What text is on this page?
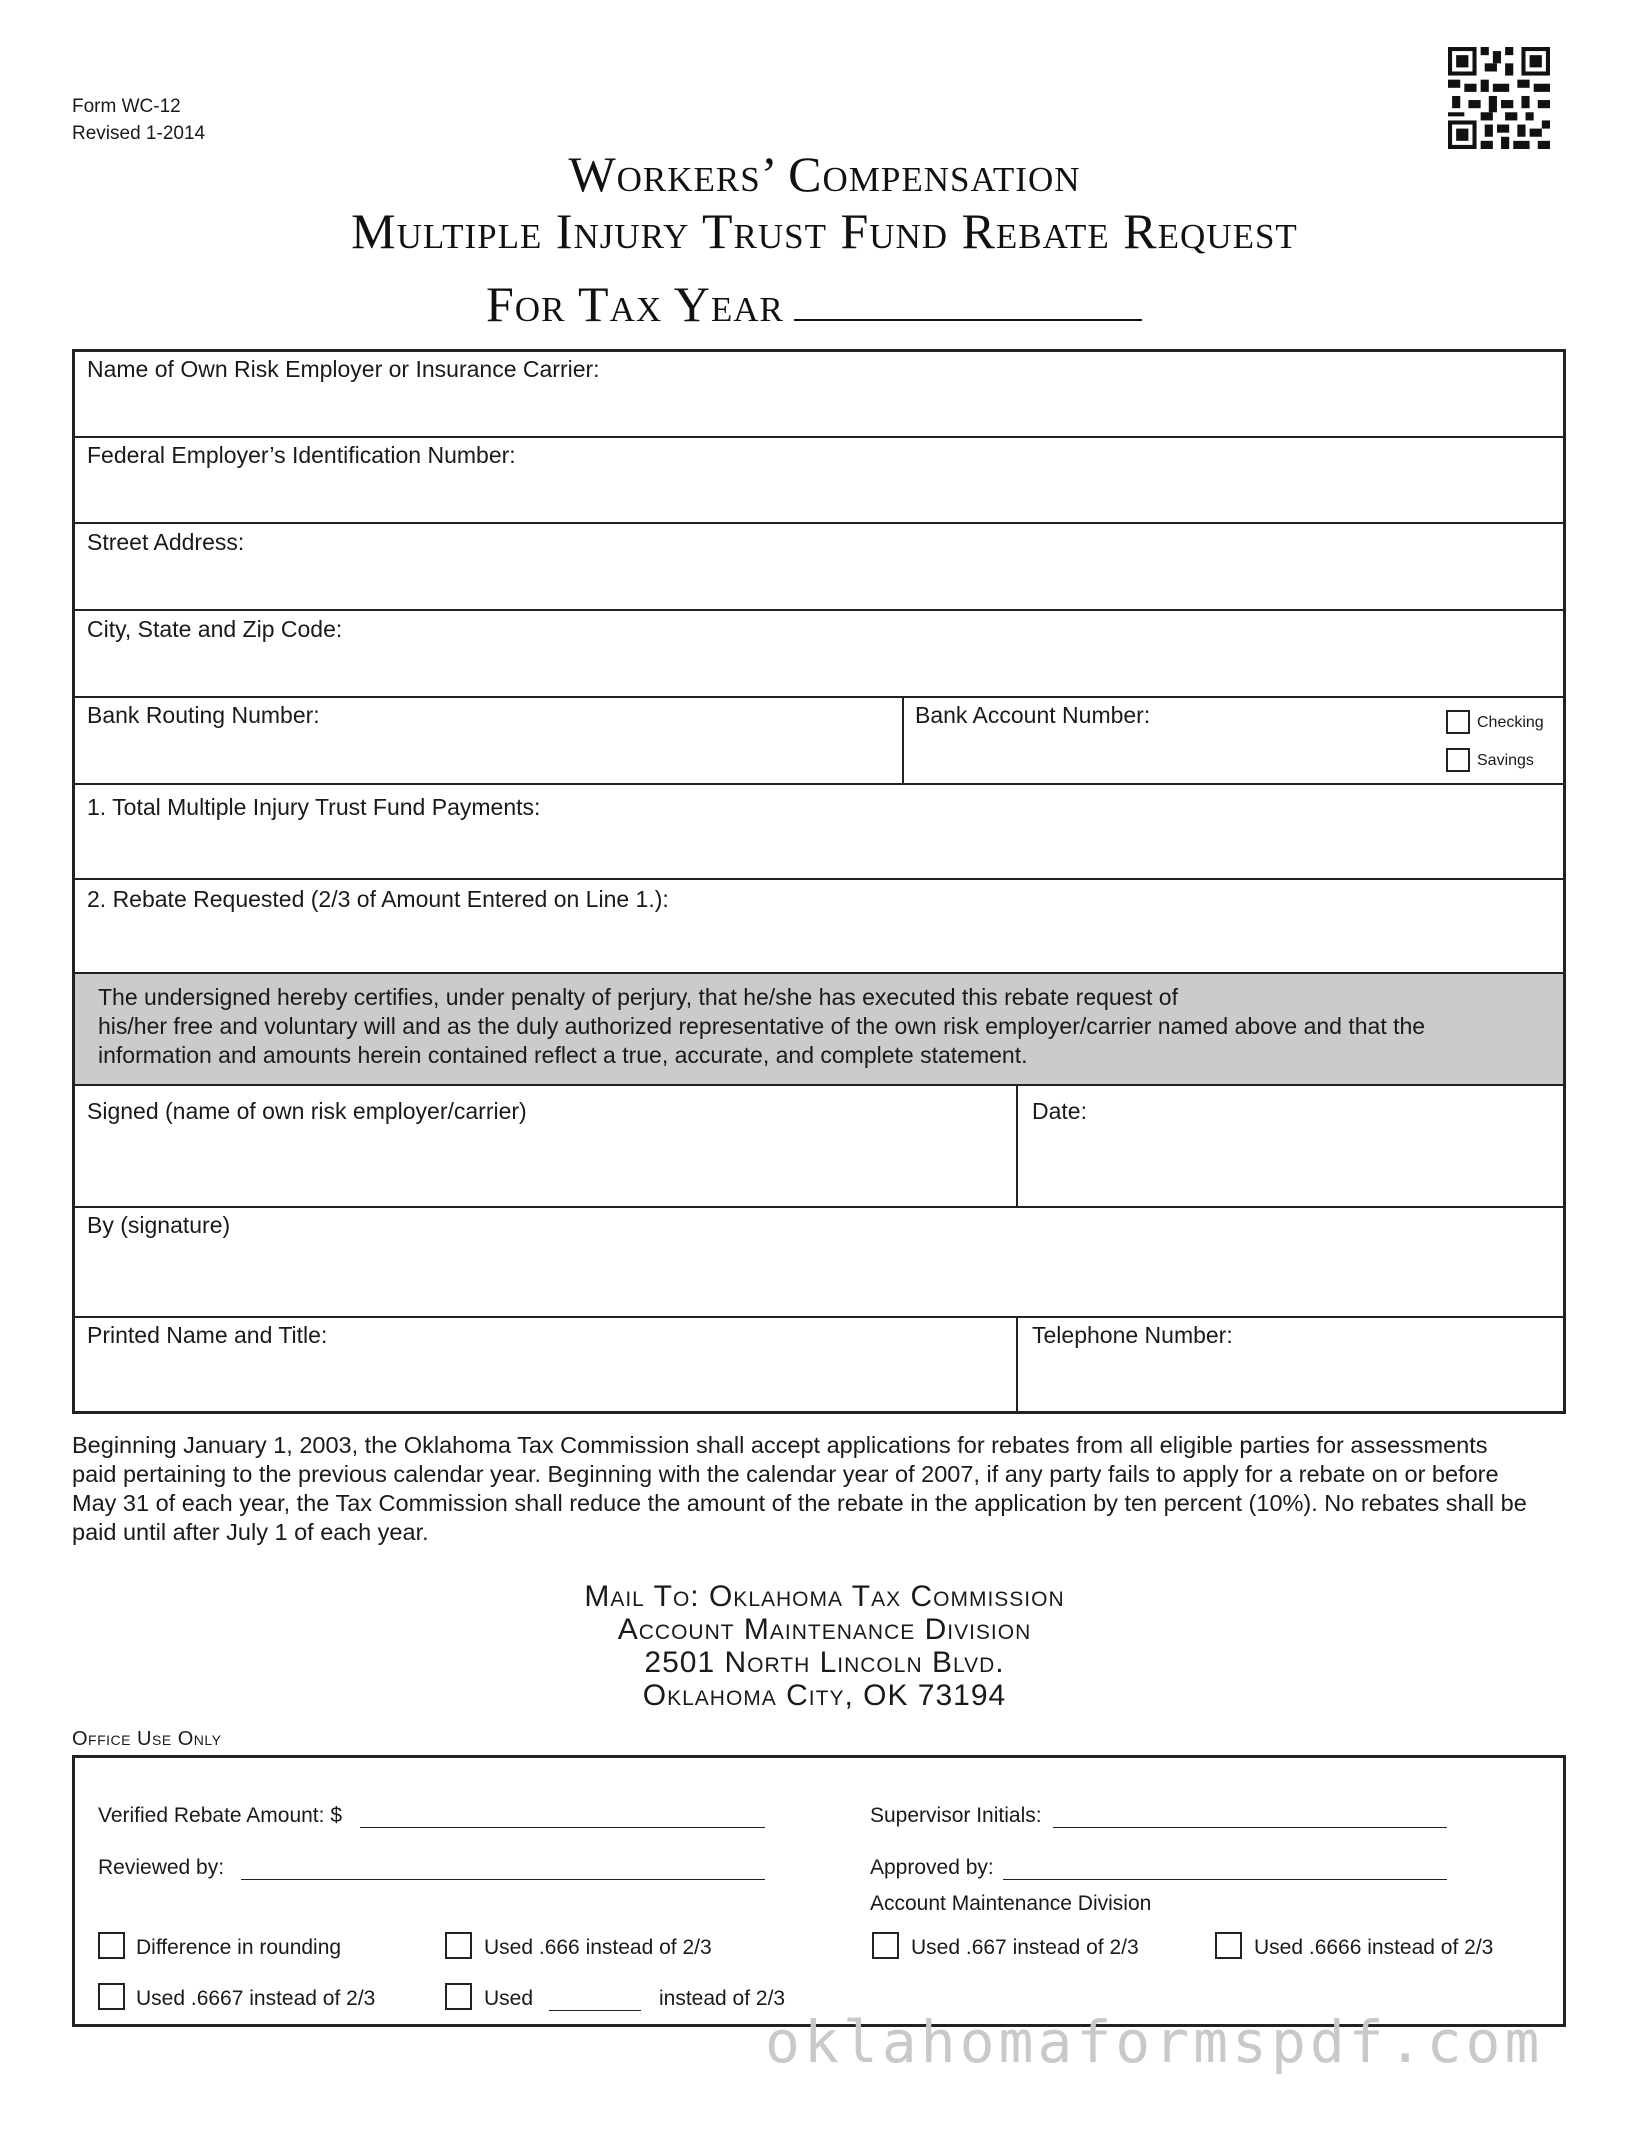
Form WC-12
Revised 1-2014
Workers’ Compensation
Multiple Injury Trust Fund Rebate Request
For Tax Year
Name of Own Risk Employer or Insurance Carrier:
Federal Employer’s Identification Number:
Street Address:
City, State and Zip Code:
Bank Routing Number:	Bank Account Number:	Checking
Savings
1. Total Multiple Injury Trust Fund Payments:
2. Rebate Requested (2/3 of Amount Entered on Line 1.):
The undersigned hereby certifies, under penalty of perjury, that he/she has executed this rebate request of
his/her free and voluntary will and as the duly authorized representative of the own risk employer/carrier named above and that the
information and amounts herein contained reflect a true, accurate, and complete statement.
Signed (name of own risk employer/carrier)	Date:
By (signature)
Printed Name and Title:	Telephone Number:
Beginning January 1, 2003, the Oklahoma Tax Commission shall accept applications for rebates from all eligible parties for assessments
paid pertaining to the previous calendar year. Beginning with the calendar year of 2007, if any party fails to apply for a rebate on or before
May 31 of each year, the Tax Commission shall reduce the amount of the rebate in the application by ten percent (10%). No rebates shall be
paid until after July 1 of each year.
Mail To: Oklahoma Tax Commission
Account Maintenance Division
2501 North Lincoln Blvd.
Oklahoma City, OK 73194
Office Use Only
Verified Rebate Amount: $	Supervisor Initials:
Reviewed by:	Approved by:
Account Maintenance Division
Difference in rounding	Used .666 instead of 2/3	Used .667 instead of 2/3	Used .6666 instead of 2/3
Used .6667 instead of 2/3	Used	instead of 2/3
oklahomaformspdf.com
